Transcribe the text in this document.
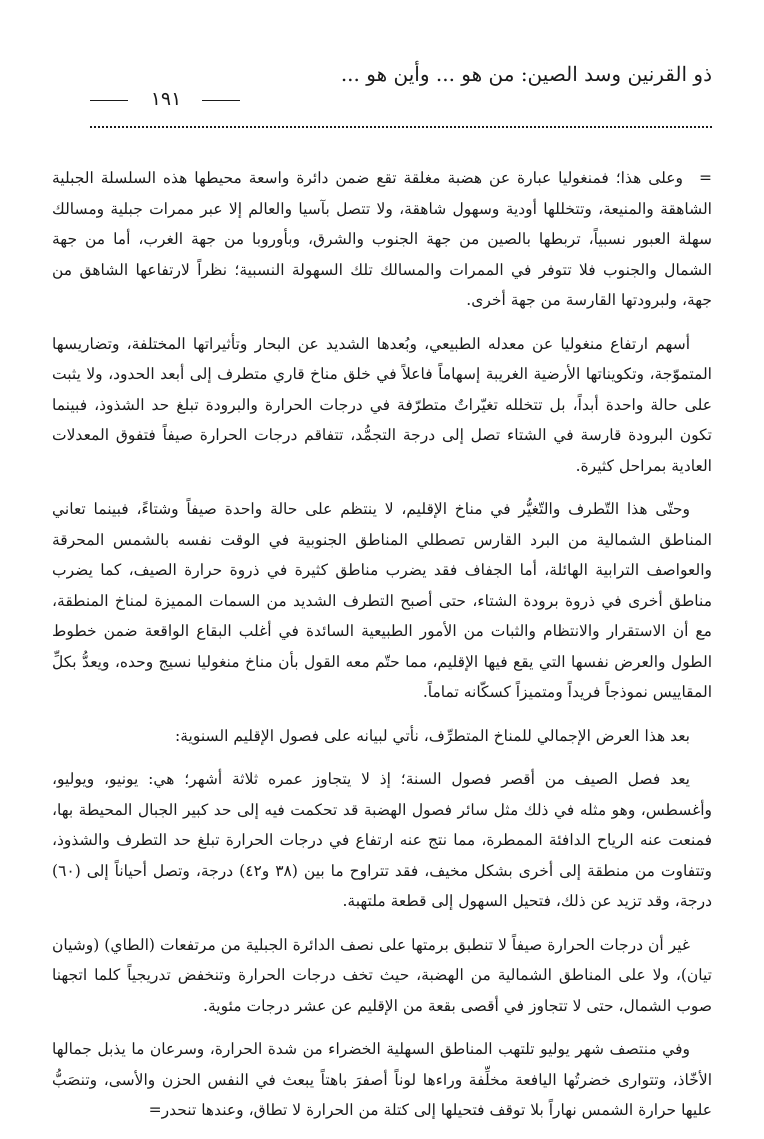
ذو القرنين وسد الصين: من هو ... وأين هو ...
١٩١

=وعلى هذا؛ فمنغوليا عبارة عن هضبة مغلقة تقع ضمن دائرة واسعة محيطها هذه السلسلة الجبلية الشاهقة والمنيعة، وتتخللها أودية وسهول شاهقة، ولا تتصل بآسيا والعالم إلا عبر ممرات جبلية ومسالك سهلة العبور نسبياً، تربطها بالصين من جهة الجنوب والشرق، وبأوروبا من جهة الغرب، أما من جهة الشمال والجنوب فلا تتوفر في الممرات والمسالك تلك السهولة النسبية؛ نظراً لارتفاعها الشاهق من جهة، ولبرودتها القارسة من جهة أخرى.

أسهم ارتفاع منغوليا عن معدله الطبيعي، وبُعدها الشديد عن البحار وتأثيراتها المختلفة، وتضاريسها المتموّجة، وتكويناتها الأرضية الغريبة إسهاماً فاعلاً في خلق مناخ قاري متطرف إلى أبعد الحدود، ولا يثبت على حالة واحدة أبداً، بل تتخلله تغيّراتٌ متطرّفة في درجات الحرارة والبرودة تبلغ حد الشذوذ، فبينما تكون البرودة قارسة في الشتاء تصل إلى درجة التجمُّد، تتفاقم درجات الحرارة صيفاً فتفوق المعدلات العادية بمراحل كثيرة.

وحتّى هذا التّطرف والتّغيُّر في مناخ الإقليم، لا ينتظم على حالة واحدة صيفاً وشتاءً، فبينما تعاني المناطق الشمالية من البرد القارس تصطلي المناطق الجنوبية في الوقت نفسه بالشمس المحرقة والعواصف الترابية الهائلة، أما الجفاف فقد يضرب مناطق كثيرة في ذروة حرارة الصيف، كما يضرب مناطق أخرى في ذروة برودة الشتاء، حتى أصبح التطرف الشديد من السمات المميزة لمناخ المنطقة، مع أن الاستقرار والانتظام والثبات من الأمور الطبيعية السائدة في أغلب البقاع الواقعة ضمن خطوط الطول والعرض نفسها التي يقع فيها الإقليم، مما حتّم معه القول بأن مناخ منغوليا نسيج وحده، ويعدُّ بكلِّ المقاييس نموذجاً فريداً ومتميزاً كسكّانه تماماً.

بعد هذا العرض الإجمالي للمناخ المتطرِّف، نأتي لبيانه على فصول الإقليم السنوية:

يعد فصل الصيف من أقصر فصول السنة؛ إذ لا يتجاوز عمره ثلاثة أشهر؛ هي: يونيو، ويوليو، وأغسطس، وهو مثله في ذلك مثل سائر فصول الهضبة قد تحكمت فيه إلى حد كبير الجبال المحيطة بها، فمنعت عنه الرياح الدافئة الممطرة، مما نتج عنه ارتفاع في درجات الحرارة تبلغ حد التطرف والشذوذ، وتتفاوت من منطقة إلى أخرى بشكل مخيف، فقد تتراوح ما بين (٣٨ و٤٢) درجة، وتصل أحياناً إلى (٦٠) درجة، وقد تزيد عن ذلك، فتحيل السهول إلى قطعة ملتهبة.

غير أن درجات الحرارة صيفاً لا تنطبق برمتها على نصف الدائرة الجبلية من مرتفعات (الطاي) (وشيان تيان)، ولا على المناطق الشمالية من الهضبة، حيث تخف درجات الحرارة وتنخفض تدريجياً كلما اتجهنا صوب الشمال، حتى لا تتجاوز في أقصى بقعة من الإقليم عن عشر درجات مئوية.

وفي منتصف شهر يوليو تلتهب المناطق السهلية الخضراء من شدة الحرارة، وسرعان ما يذبل جمالها الأخّاذ، وتتوارى خضرتُها اليافعة مخلِّفة وراءها لوناً أصفرَ باهتاً يبعث في النفس الحزن والأسى، وتنصَبُّ عليها حرارة الشمس نهاراً بلا توقف فتحيلها إلى كتلة من الحرارة لا تطاق، وعندها تنحدر=
